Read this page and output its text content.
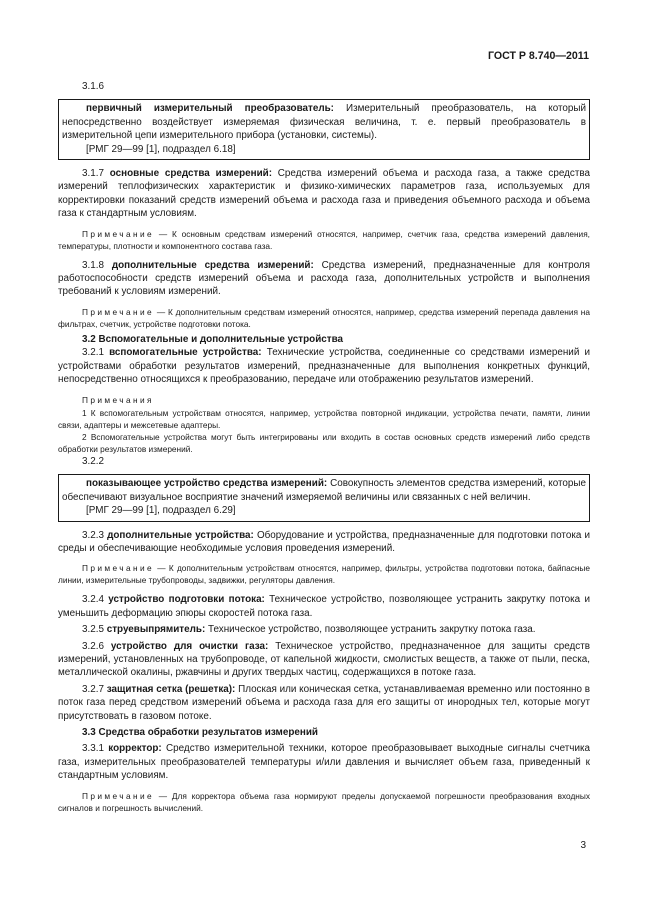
ГОСТ Р 8.740—2011

3.1.6

первичный измерительный преобразователь: Измерительный преобразователь, на который непосредственно воздействует измеряемая физическая величина, т. е. первый преобразователь в измерительной цепи измерительного прибора (установки, системы).

[РМГ 29—99 [1], подраздел 6.18]

3.1.7 основные средства измерений: Средства измерений объема и расхода газа, а также средства измерений теплофизических характеристик и физико-химических параметров газа, используемых для корректировки показаний средств измерений объема и расхода газа и приведения объемного расхода и объема газа к стандартным условиям.

Примечание — К основным средствам измерений относятся, например, счетчик газа, средства измерений давления, температуры, плотности и компонентного состава газа.

3.1.8 дополнительные средства измерений: Средства измерений, предназначенные для контроля работоспособности средств измерений объема и расхода газа, дополнительных устройств и выполнения требований к условиям измерений.

Примечание — К дополнительным средствам измерений относятся, например, средства измерений перепада давления на фильтрах, счетчик, устройстве подготовки потока.

3.2 Вспомогательные и дополнительные устройства

3.2.1 вспомогательные устройства: Технические устройства, соединенные со средствами измерений и устройствами обработки результатов измерений, предназначенные для выполнения конкретных функций, непосредственно относящихся к преобразованию, передаче или отображению результатов измерений.

Примечания

1 К вспомогательным устройствам относятся, например, устройства повторной индикации, устройства печати, памяти, линии связи, адаптеры и межсетевые адаптеры.

2 Вспомогательные устройства могут быть интегрированы или входить в состав основных средств измерений либо средств обработки результатов измерений.

3.2.2

показывающее устройство средства измерений: Совокупность элементов средства измерений, которые обеспечивают визуальное восприятие значений измеряемой величины или связанных с ней величин.

[РМГ 29—99 [1], подраздел 6.29]

3.2.3 дополнительные устройства: Оборудование и устройства, предназначенные для подготовки потока и среды и обеспечивающие необходимые условия проведения измерений.

Примечание — К дополнительным устройствам относятся, например, фильтры, устройства подготовки потока, байпасные линии, измерительные трубопроводы, задвижки, регуляторы давления.

3.2.4 устройство подготовки потока: Техническое устройство, позволяющее устранить закрутку потока и уменьшить деформацию эпюры скоростей потока газа.

3.2.5 струевыпрямитель: Техническое устройство, позволяющее устранить закрутку потока газа.

3.2.6 устройство для очистки газа: Техническое устройство, предназначенное для защиты средств измерений, установленных на трубопроводе, от капельной жидкости, смолистых веществ, а также от пыли, песка, металлической окалины, ржавчины и других твердых частиц, содержащихся в потоке газа.

3.2.7 защитная сетка (решетка): Плоская или коническая сетка, устанавливаемая временно или постоянно в поток газа перед средством измерений объема и расхода газа для его защиты от инородных тел, которые могут присутствовать в газовом потоке.

3.3 Средства обработки результатов измерений

3.3.1 корректор: Средство измерительной техники, которое преобразовывает выходные сигналы счетчика газа, измерительных преобразователей температуры и/или давления и вычисляет объем газа, приведенный к стандартным условиям.

Примечание — Для корректора объема газа нормируют пределы допускаемой погрешности преобразования входных сигналов и погрешность вычислений.

3
